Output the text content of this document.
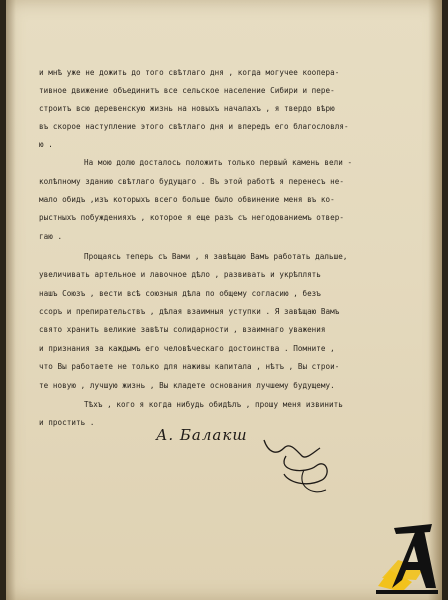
и мнѣ уже не дожить до того свѣтлаго дня , когда могучее коопера-
тивное движение объединитъ все сельское население Сибири и пере-
строитъ всю деревенскую жизнь на новыхъ началахъ , я твердо вѣрю
въ скорое наступление этого свѣтлаго дня и впередъ его благословля-
ю .
На мою долю досталось положить только первый камень вели -
колѣпному зданию свѣтлаго будущаго . Въ этой работѣ я перенесъ не-
мало обидъ ,изъ которыхъ всего больше было обвинение меня въ ко-
рыстныхъ побужденияхъ , которое я еще разъ съ негодованиемъ отвер-
гаю .
Прощаясь теперь съ Вами , я завѣщаю Вамъ работать дальше,
увеличивать артельное и лавочное дѣло , развивать и укрѣплять
нашъ Союзъ , вести всѣ союзныя дѣла по общему согласию , безъ
ссоръ и препирательствъ , дѣлая взаимныя уступки . Я завѣщаю Вамъ
свято хранить великие завѣты солидарности , взаимнаго уважения
и признания за каждымъ его человѣческаго достоинства . Помните ,
что Вы работаете не только для наживы капитала , нѣтъ , Вы строи-
те новую , лучшую жизнь , Вы кладете основания лучшему будущему.
Тѣхъ , кого я когда нибудь обидѣлъ , прошу меня извинить
и простить .
А. Балакш
